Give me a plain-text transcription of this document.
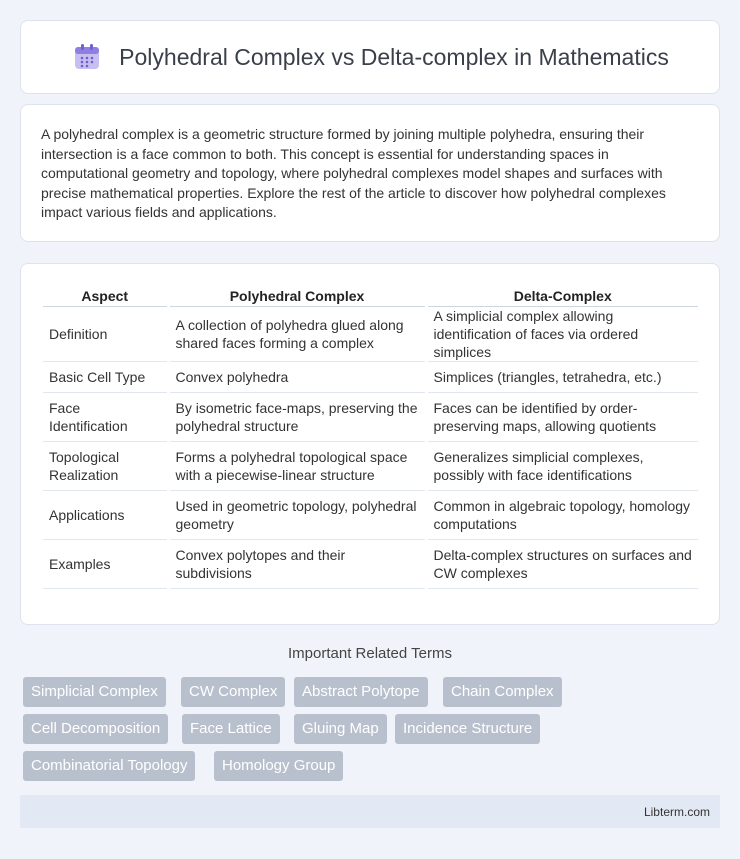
Polyhedral Complex vs Delta-complex in Mathematics

A polyhedral complex is a geometric structure formed by joining multiple polyhedra, ensuring their intersection is a face common to both. This concept is essential for understanding spaces in computational geometry and topology, where polyhedral complexes model shapes and surfaces with precise mathematical properties. Explore the rest of the article to discover how polyhedral complexes impact various fields and applications.

Aspect	Polyhedral Complex	Delta-Complex
Definition	A collection of polyhedra glued along shared faces forming a complex	A simplicial complex allowing identification of faces via ordered simplices
Basic Cell Type	Convex polyhedra	Simplices (triangles, tetrahedra, etc.)
Face Identification	By isometric face-maps, preserving the polyhedral structure	Faces can be identified by order-preserving maps, allowing quotients
Topological Realization	Forms a polyhedral topological space with a piecewise-linear structure	Generalizes simplicial complexes, possibly with face identifications
Applications	Used in geometric topology, polyhedral geometry	Common in algebraic topology, homology computations
Examples	Convex polytopes and their subdivisions	Delta-complex structures on surfaces and CW complexes
Important Related Terms
Simplicial Complex	CW Complex	Abstract Polytope	Chain Complex
Cell Decomposition	Face Lattice	Gluing Map	Incidence Structure
Combinatorial Topology	Homology Group
Libterm.com
